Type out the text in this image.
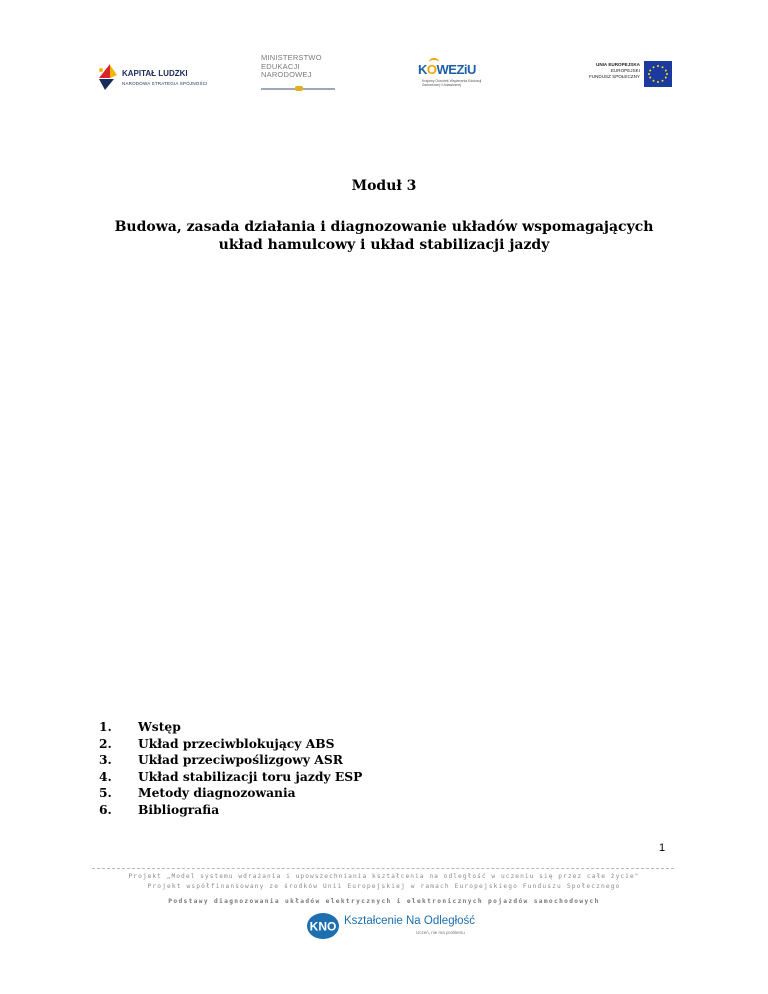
KAPITAŁ LUDZKI
NARODOWA STRATEGIA SPÓJNOŚCI
MINISTERSTWO
EDUKACJI
NARODOWEJ	KOWEZiU
Krajowy Ośrodek Wspierania Edukacji Zawodowej i Ustawicznej
UNIA EUROPEJSKA
EUROPEJSKI
FUNDUSZ SPOŁECZNY
Moduł 3
Budowa, zasada działania i diagnozowanie układów wspomagających
układ hamulcowy i układ stabilizacji jazdy
1.	Wstęp
2.	Układ przeciwblokujący ABS
3.	Układ przeciwpoślizgowy ASR
4.	Układ stabilizacji toru jazdy ESP
5.	Metody diagnozowania
6.	Bibliografia
1
Projekt „Model systemu wdrażania i upowszechniania kształcenia na odległość w uczeniu się przez całe życie"
Projekt współfinansowany ze środków Unii Europejskiej w ramach Europejskiego Funduszu Społecznego
Podstawy diagnozowania układów elektrycznych i elektronicznych pojazdów samochodowych
KNO Kształcenie Na Odległość
Uczeń, nie ma problemu
